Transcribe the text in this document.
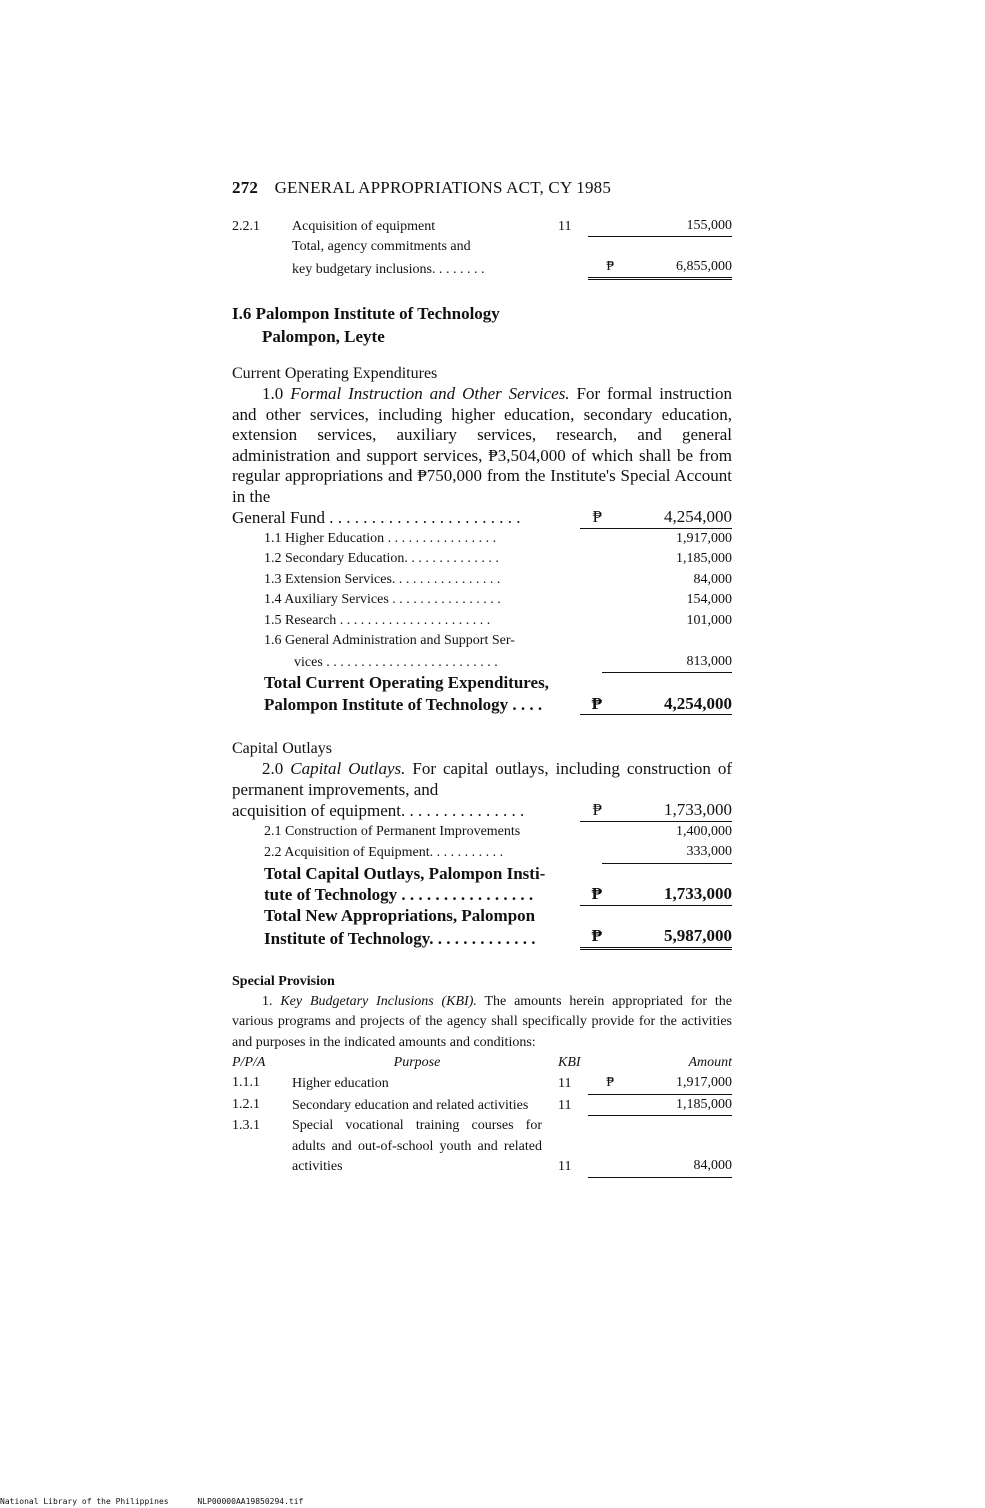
272 GENERAL APPROPRIATIONS ACT, CY 1985
2.2.1	Acquisition of equipment	11	155,000
Total, agency commitments and
key budgetary inclusions. . . . . . . .	₱	6,855,000
I.6 Palompon Institute of Technology
Palompon, Leyte
Current Operating Expenditures
1.0 Formal Instruction and Other Services. For formal instruction and other services, including higher education, secondary education, extension services, auxiliary services, research, and general administration and support services, ₱3,504,000 of which shall be from regular appropriations and ₱750,000 from the Institute's Special Account in the
General Fund . . . . . . . . . . . . . . . . . . . . . . .	₱	4,254,000
1.1 Higher Education . . . . . . . . . . . . . . . .	1,917,000
1.2 Secondary Education. . . . . . . . . . . . . .	1,185,000
1.3 Extension Services. . . . . . . . . . . . . . . .	84,000
1.4 Auxiliary Services . . . . . . . . . . . . . . . .	154,000
1.5 Research . . . . . . . . . . . . . . . . . . . . . .	101,000
1.6 General Administration and Support Ser-
vices . . . . . . . . . . . . . . . . . . . . . . . . .	813,000
Total Current Operating Expenditures,
Palompon Institute of Technology . . . .	₱	4,254,000
Capital Outlays
2.0 Capital Outlays. For capital outlays, including construction of permanent improvements, and
acquisition of equipment. . . . . . . . . . . . . . .	₱	1,733,000
2.1 Construction of Permanent Improvements	1,400,000
2.2 Acquisition of Equipment. . . . . . . . . . .	333,000
Total Capital Outlays, Palompon Insti-
tute of Technology . . . . . . . . . . . . . . . .	₱	1,733,000
Total New Appropriations, Palompon
Institute of Technology. . . . . . . . . . . . .	₱	5,987,000
Special Provision
1. Key Budgetary Inclusions (KBI). The amounts herein appropriated for the various programs and projects of the agency shall specifically provide for the activities and purposes in the indicated amounts and conditions:
P/P/A	Purpose	KBI	Amount
1.1.1	Higher education	11	₱	1,917,000
1.2.1	Secondary education and related activities	11	1,185,000
1.3.1	Special vocational training courses for adults and out-of-school youth and related activities	11	84,000
National Library of the Philippines	NLP00000AA19850294.tif
